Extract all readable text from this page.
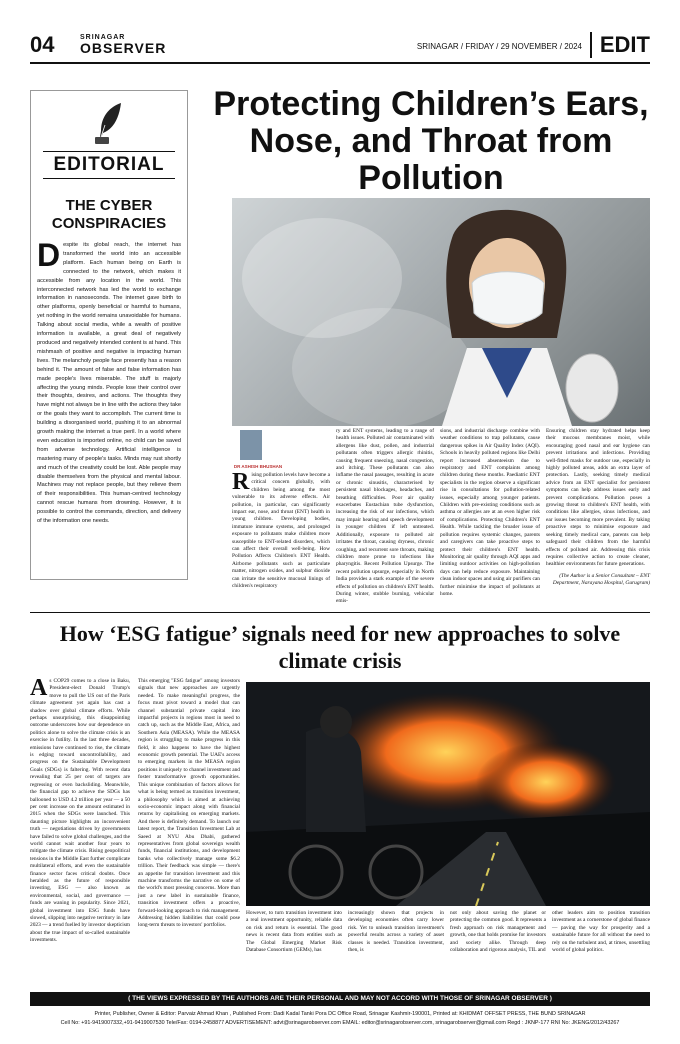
04	SRINAGAR
OBSERVER	SRINAGAR / FRIDAY / 29 NOVEMBER / 2024 EDIT
EDITORIAL
THE CYBER CONSPIRACIES
D espite its global reach, the internet has transformed the world into an accessible platform. Each human being on Earth is connected to the network, which makes it accessible from any location in the world. This interconnected network has led the world to exchange information in nanoseconds. The internet gave birth to other platforms, openly beneficial or harmful to humans, yet nothing in the world remains unavoidable for humans. Talking about social media, while a wealth of positive information is available, a great deal of negatively produced and negatively intended content is at hand. This mishmash of positive and negative is impacting human lives. The melancholy people face presently has a reason behind it. The amount of false and false information has made people's lives miserable. The stuff is majorly affecting the young minds. People lose their control over their thoughts, desires, and actions. The thoughts they have might not always be in line with the actions they take or the goals they want to accomplish. The current time is building a disorganised world, pushing it to an abnormal growth making the internet a true peril. In a world where even education is imported online, no child can be saved from adverse technology. Artificial intelligence is mastering many of people's tasks. Minds may rust shortly and much of the creativity could be lost. Able people may disable themselves from the physical and mental labour. Machines may not replace people, but they relieve them of their responsibilities. This human-centred technology cannot rescue humans from drowning. However, it is possible to control the commands, direction, and delivery of the information one needs.
Protecting Children’s Ears, Nose, and Throat from Pollution
DR ASHISH BHUSHAN
R ising pollution levels have become a critical concern globally, with children being among the most vulnerable to its adverse effects. Air pollution, in particular, can significantly impact ear, nose, and throat (ENT) health in young children. Developing bodies, immature immune systems, and prolonged exposure to pollutants make children more susceptible to ENT-related disorders, which can affect their overall well-being. How Pollution Affects Children's ENT Health. Airborne pollutants such as particulate matter, nitrogen oxides, and sulphur dioxide can irritate the sensitive mucosal linings of children's respiratory
ry and ENT systems, leading to a range of health issues. Polluted air contaminated with allergens like dust, pollen, and industrial pollutants often triggers allergic rhinitis, causing frequent sneezing, nasal congestion, and itching. These pollutants can also inflame the nasal passages, resulting in acute or chronic sinusitis, characterised by persistent nasal blockages, headaches, and breathing difficulties. Poor air quality exacerbates Eustachian tube dysfunction, increasing the risk of ear infections, which may impair hearing and speech development in younger children if left untreated. Additionally, exposure to polluted air irritates the throat, causing dryness, chronic coughing, and recurrent sore throats, making children more prone to infections like pharyngitis. Recent Pollution Upsurge. The recent pollution upsurge, especially in North India provides a stark example of the severe effects of pollution on children's ENT health. During winter, stubble burning, vehicular emis-
sions, and industrial discharge combine with weather conditions to trap pollutants, cause dangerous spikes in Air Quality Index (AQI). Schools in heavily polluted regions like Delhi report increased absenteeism due to respiratory and ENT complaints among children during these months. Paediatric ENT specialists in the region observe a significant rise in consultations for pollution-related issues, especially among younger patients. Children with pre-existing conditions such as asthma or allergies are at an even higher risk of complications. Protecting Children's ENT Health. While tackling the broader issue of pollution requires systemic changes, parents and caregivers can take proactive steps to protect their children's ENT health. Monitoring air quality through AQI apps and limiting outdoor activities on high-pollution days can help reduce exposure. Maintaining clean indoor spaces and using air purifiers can further minimise the impact of pollutants at home.
Ensuring children stay hydrated helps keep their mucous membranes moist, while encouraging good nasal and ear hygiene can prevent irritations and infections. Providing well-fitted masks for outdoor use, especially in highly polluted areas, adds an extra layer of protection. Lastly, seeking timely medical advice from an ENT specialist for persistent symptoms can help address issues early and prevent complications. Pollution poses a growing threat to children's ENT health, with conditions like allergies, sinus infections, and ear issues becoming more prevalent. By taking proactive steps to minimise exposure and seeking timely medical care, parents can help safeguard their children from the harmful effects of polluted air. Addressing this crisis requires collective action to create cleaner, healthier environments for future generations.

(The Author is a Senior Consultant – ENT Department, Narayana Hospital, Gurugram)

How ‘ESG fatigue’ signals need for new approaches to solve climate crisis
A s COP29 comes to a close in Baku, President-elect Donald Trump's move to pull the US out of the Paris climate agreement yet again has cast a shadow over global climate efforts. While perhaps unsurprising, this disappointing outcome underscores how our dependence on politics alone to solve the climate crisis is an exercise in futility. In the last three decades, emissions have continued to rise, the climate is edging toward uncontrollability, and progress on the Sustainable Development Goals (SDGs) is faltering. With recent data revealing that 25 per cent of targets are regressing or even backsliding. Meanwhile, the financial gap to achieve the SDGs has ballooned to USD 4.2 trillion per year — a 50 per cent increase on the amount estimated in 2015 when the SDGs were launched. This daunting picture highlights an inconvenient truth — negotiations driven by governments have failed to solve global challenges, and the world cannot wait another four years to mitigate the climate crisis. Rising geopolitical tensions in the Middle East further complicate multilateral efforts, and even the sustainable finance sector faces critical doubts. Once heralded as the future of responsible investing, ESG — also known as environmental, social, and governance — funds are waning in popularity. Since 2021, global investment into ESG funds have slowed, slipping into negative territory in late 2023 — a trend fuelled by investor skepticism about the true impact of so-called sustainable investments.
This emerging "ESG fatigue" among investors signals that new approaches are urgently needed. To make meaningful progress, the focus must pivot toward a model that can channel substantial private capital into impactful projects in regions most in need to catch up, such as the Middle East, Africa, and Southern Asia (MEASA). While the MEASA region is struggling to make progress in this field, it also happens to have the highest economic growth potential. The UAE's access to emerging markets in the MEASA region positions it uniquely to channel investment and foster transformative growth opportunities. This unique combination of factors allows for what is being termed as transition investment, a philosophy which is aimed at achieving socio-economic impact along with financial returns by capitalising on emerging markets. And there is definitely demand. To launch our latest report, the Transition Investment Lab at Saeed at NYU Abu Dhabi, gathered representatives from global sovereign wealth funds, financial institutions, and development banks who collectively manage some $6.2 trillion. Their feedback was simple — there's an appetite for transition investment and this machine transforms the narrative on some of the world's most pressing concerns. More than just a new label in sustainable finance, transition investment offers a proactive, forward-looking approach to risk management. Addressing hidden liabilities that could pose long-term threats to investors' portfolios.
However, to turn transition investment into a real investment opportunity, reliable data on risk and return is essential. The good news is recent data from entities such as The Global Emerging Market Risk Database Consortium (GEMs), has
increasingly shown that projects in developing economies often carry lower risk. Yet to unleash transition investment's powerful results across a variety of asset classes is needed. Transition investment, then, is
not only about saving the planet or protecting the common good. It represents a fresh approach on risk management and growth, one that holds promise for investors and society alike. Through deep collaboration and rigorous analysis, TIL and
other leaders aim to position transition investment as a cornerstone of global finance — paving the way for prosperity and a sustainable future for all without the need to rely on the turbulent and, at times, unsettling world of global politics.
( THE VIEWS EXPRESSED BY THE AUTHORS ARE THEIR PERSONAL AND MAY NOT ACCORD WITH THOSE OF SRINAGAR OBSERVER )
Printer, Publisher, Owner & Editor: Parvaiz Ahmad Khan , Published From: Dadi Kadal Tanki Pora DC Office Road, Srinagar Kashmir-190001, Printed at: KHIDMAT OFFSET PRESS, THE BUND SRINAGAR
Cell No: +91-9419007332,+91-9419007530 Tele/Fax: 0194-2458877 ADVERTISEMENT: advt@srinagarobserver.com EMAIL: editor@srinagarobserver.com, srinagarobserver@gmail.com Regd : JKNP-177 RNI No: JKENG/2012/43267
